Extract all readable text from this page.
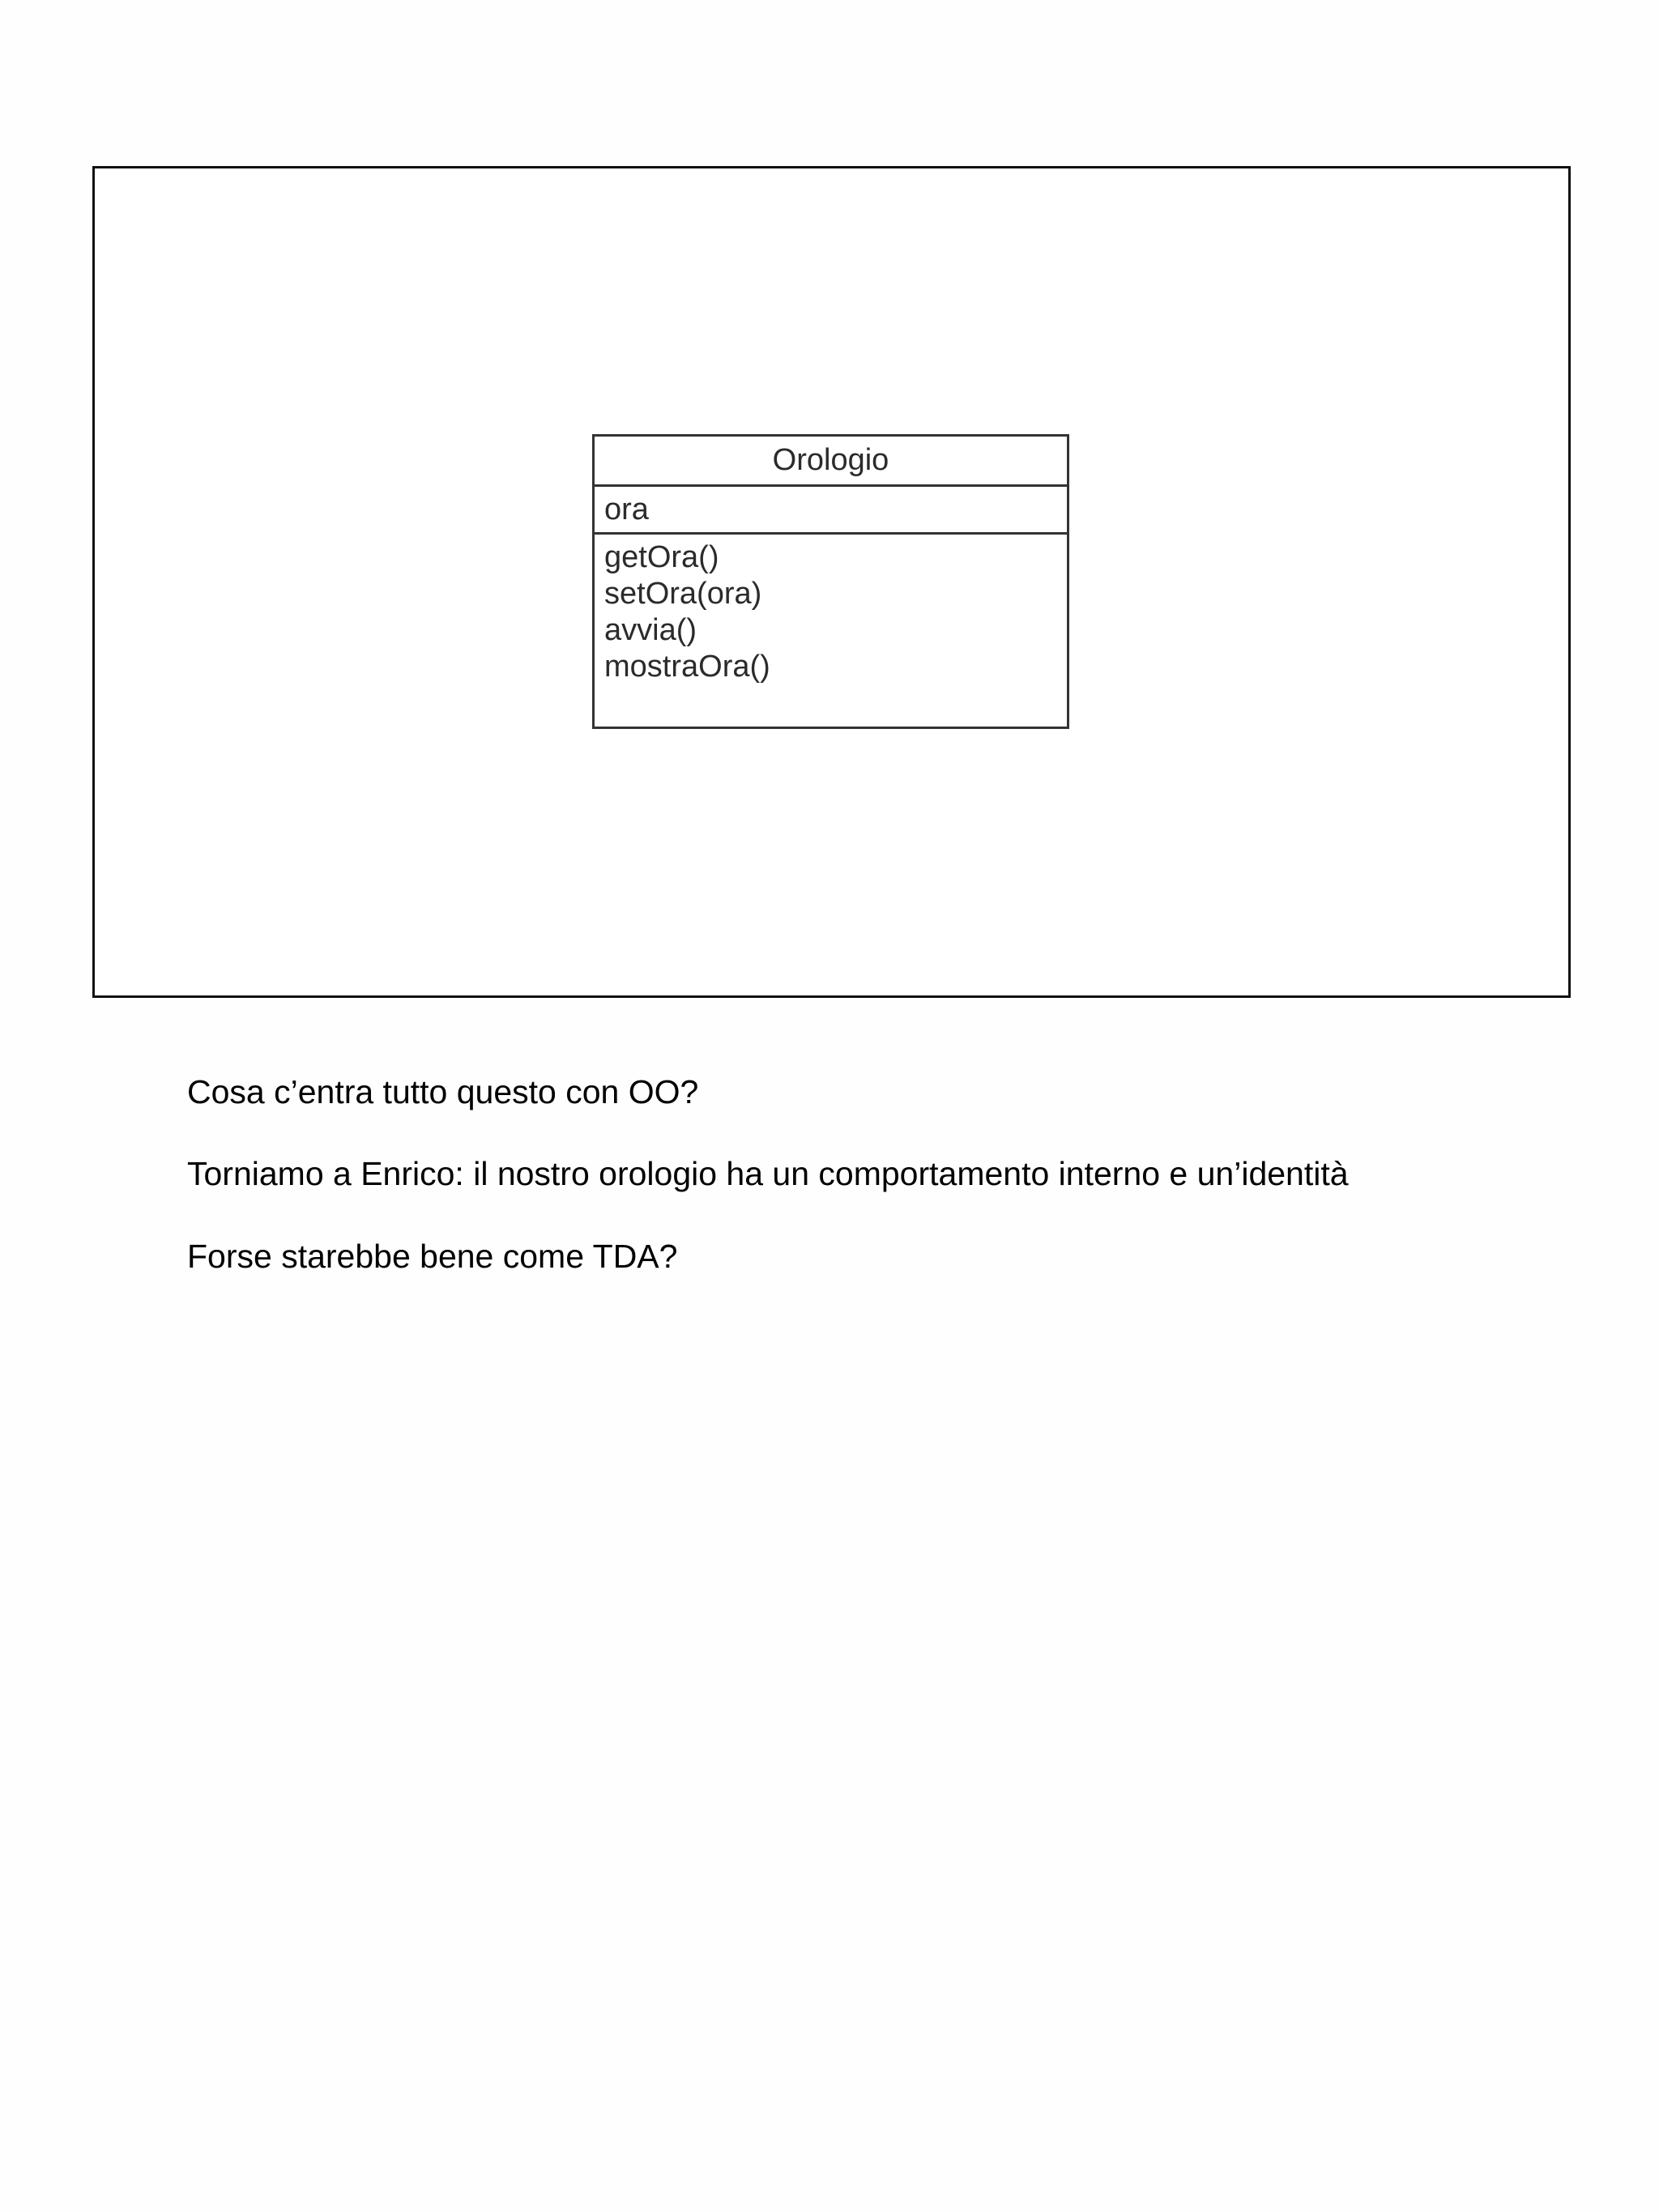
Orologio
ora
getOra()
setOra(ora)
avvia()
mostraOra()
Cosa c’entra tutto questo con OO?
Torniamo a Enrico: il nostro orologio ha un comportamento interno e un’identità
Forse starebbe bene come TDA?
